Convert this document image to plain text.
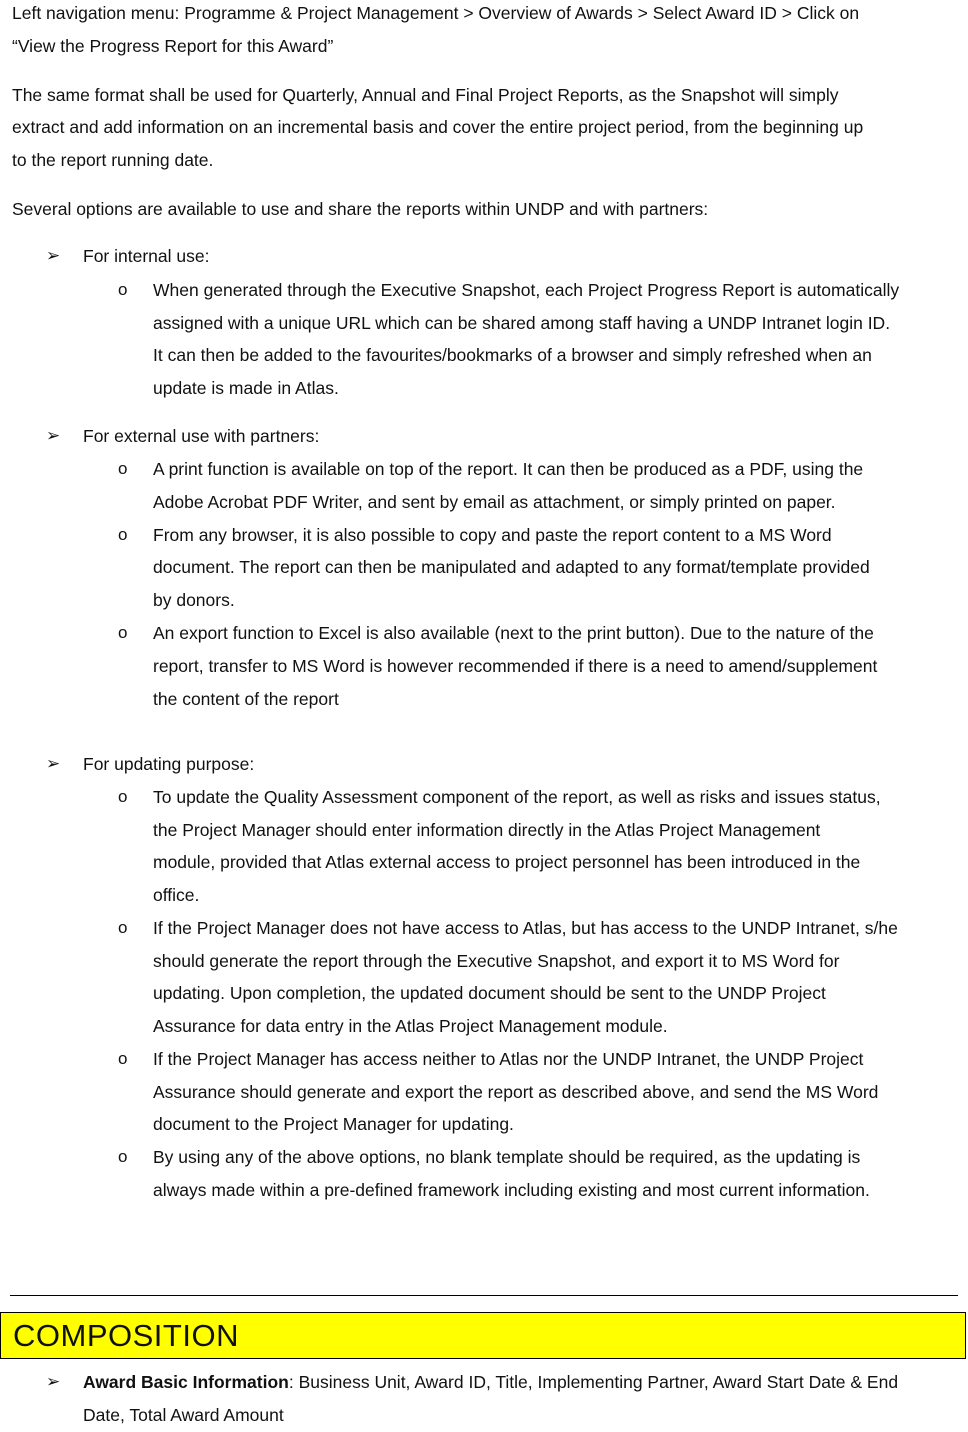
Left navigation menu: Programme & Project Management > Overview of Awards > Select Award ID > Click on
“View the Progress Report for this Award”
The same format shall be used for Quarterly, Annual and Final Project Reports, as the Snapshot will simply
extract and add information on an incremental basis and cover the entire project period, from the beginning up
to the report running date.
Several options are available to use and share the reports within UNDP and with partners:
➢ For internal use:
o When generated through the Executive Snapshot, each Project Progress Report is automatically
assigned with a unique URL which can be shared among staff having a UNDP Intranet login ID.
It can then be added to the favourites/bookmarks of a browser and simply refreshed when an
update is made in Atlas.
➢ For external use with partners:
o A print function is available on top of the report. It can then be produced as a PDF, using the
Adobe Acrobat PDF Writer, and sent by email as attachment, or simply printed on paper.
o From any browser, it is also possible to copy and paste the report content to a MS Word
document. The report can then be manipulated and adapted to any format/template provided
by donors.
o An export function to Excel is also available (next to the print button). Due to the nature of the
report, transfer to MS Word is however recommended if there is a need to amend/supplement
the content of the report
➢ For updating purpose:
o To update the Quality Assessment component of the report, as well as risks and issues status,
the Project Manager should enter information directly in the Atlas Project Management
module, provided that Atlas external access to project personnel has been introduced in the
office.
o If the Project Manager does not have access to Atlas, but has access to the UNDP Intranet, s/he
should generate the report through the Executive Snapshot, and export it to MS Word for
updating. Upon completion, the updated document should be sent to the UNDP Project
Assurance for data entry in the Atlas Project Management module.
o If the Project Manager has access neither to Atlas nor the UNDP Intranet, the UNDP Project
Assurance should generate and export the report as described above, and send the MS Word
document to the Project Manager for updating.
o By using any of the above options, no blank template should be required, as the updating is
always made within a pre-defined framework including existing and most current information.
COMPOSITION
➢ Award Basic Information: Business Unit, Award ID, Title, Implementing Partner, Award Start Date & End
Date, Total Award Amount
